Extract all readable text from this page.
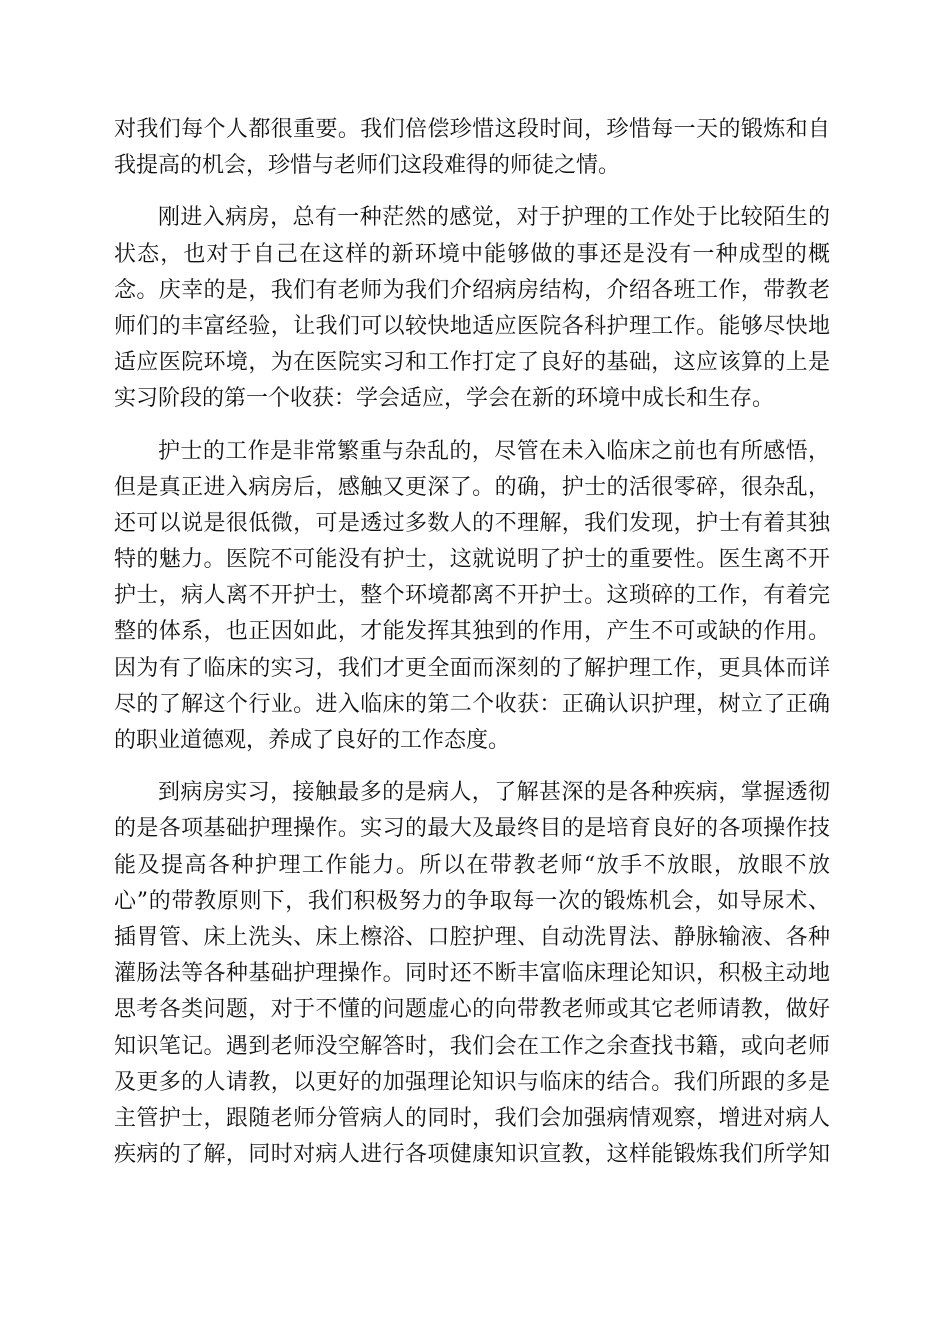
对我们每个人都很重要。我们倍偿珍惜这段时间，珍惜每一天的锻炼和自
我提高的机会，珍惜与老师们这段难得的师徒之情。
刚进入病房，总有一种茫然的感觉，对于护理的工作处于比较陌生的
状态，也对于自己在这样的新环境中能够做的事还是没有一种成型的概
念。庆幸的是，我们有老师为我们介绍病房结构，介绍各班工作，带教老
师们的丰富经验，让我们可以较快地适应医院各科护理工作。能够尽快地
适应医院环境，为在医院实习和工作打定了良好的基础，这应该算的上是
实习阶段的第一个收获：学会适应，学会在新的环境中成长和生存。
护士的工作是非常繁重与杂乱的，尽管在未入临床之前也有所感悟，
但是真正进入病房后，感触又更深了。的确，护士的活很零碎，很杂乱，
还可以说是很低微，可是透过多数人的不理解，我们发现，护士有着其独
特的魅力。医院不可能没有护士，这就说明了护士的重要性。医生离不开
护士，病人离不开护士，整个环境都离不开护士。这琐碎的工作，有着完
整的体系，也正因如此，才能发挥其独到的作用，产生不可或缺的作用。
因为有了临床的实习，我们才更全面而深刻的了解护理工作，更具体而详
尽的了解这个行业。进入临床的第二个收获：正确认识护理，树立了正确
的职业道德观，养成了良好的工作态度。
到病房实习，接触最多的是病人，了解甚深的是各种疾病，掌握透彻
的是各项基础护理操作。实习的最大及最终目的是培育良好的各项操作技
能及提高各种护理工作能力。所以在带教老师“放手不放眼，放眼不放
心”的带教原则下，我们积极努力的争取每一次的锻炼机会，如导尿术、
插胃管、床上洗头、床上檫浴、口腔护理、自动洗胃法、静脉输液、各种
灌肠法等各种基础护理操作。同时还不断丰富临床理论知识，积极主动地
思考各类问题，对于不懂的问题虚心的向带教老师或其它老师请教，做好
知识笔记。遇到老师没空解答时，我们会在工作之余查找书籍，或向老师
及更多的人请教，以更好的加强理论知识与临床的结合。我们所跟的多是
主管护士，跟随老师分管病人的同时，我们会加强病情观察，增进对病人
疾病的了解，同时对病人进行各项健康知识宣教，这样能锻炼我们所学知
